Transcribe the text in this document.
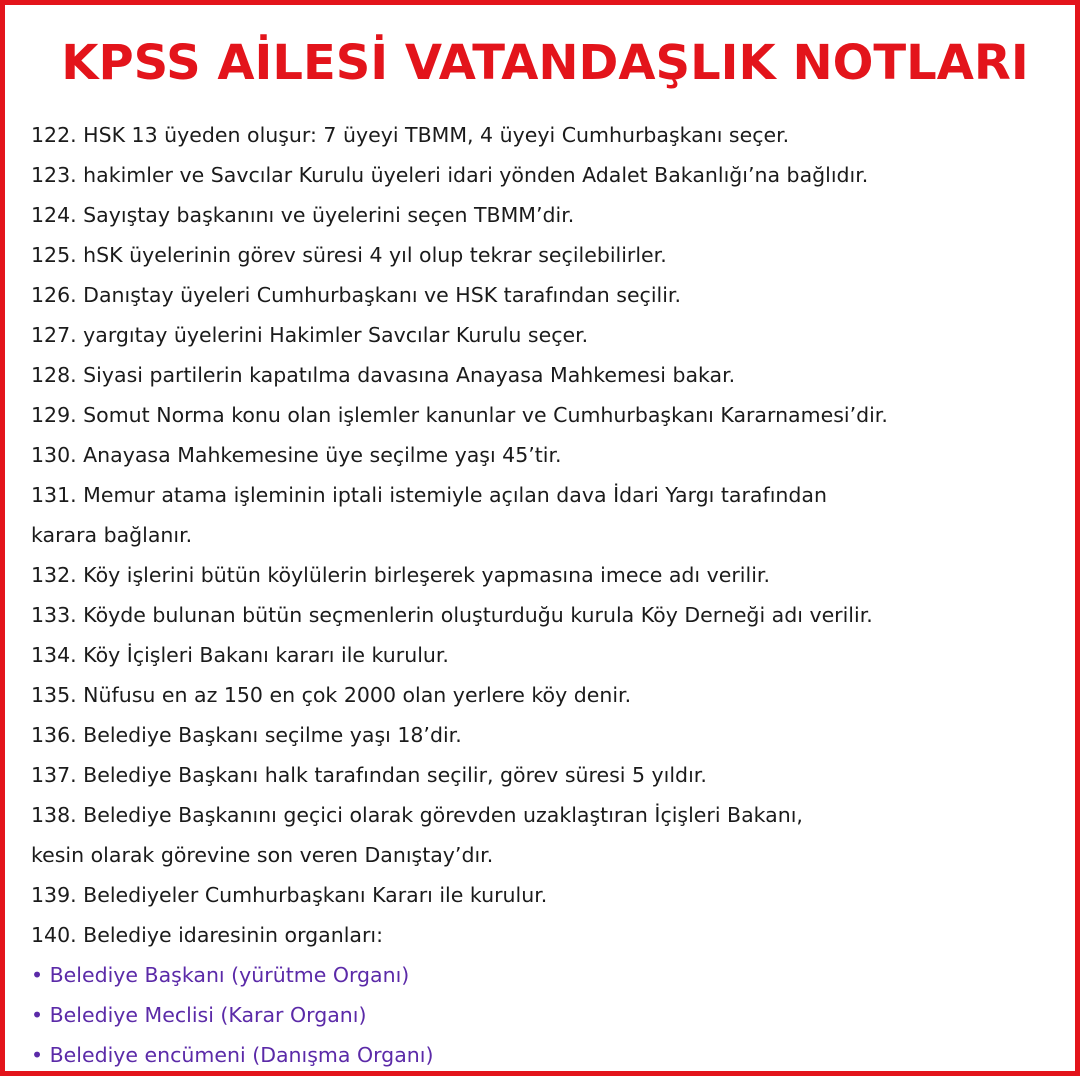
KPSS AİLESİ VATANDAŞLIK NOTLARI
122. HSK 13 üyeden oluşur: 7 üyeyi TBMM, 4 üyeyi Cumhurbaşkanı seçer.
123. hakimler ve Savcılar Kurulu üyeleri idari yönden Adalet Bakanlığı’na bağlıdır.
124. Sayıştay başkanını ve üyelerini seçen TBMM’dir.
125. hSK üyelerinin görev süresi 4 yıl olup tekrar seçilebilirler.
126. Danıştay üyeleri Cumhurbaşkanı ve HSK tarafından seçilir.
127. yargıtay üyelerini Hakimler Savcılar Kurulu seçer.
128. Siyasi partilerin kapatılma davasına Anayasa Mahkemesi bakar.
129. Somut Norma konu olan işlemler kanunlar ve Cumhurbaşkanı Kararnamesi’dir.
130. Anayasa Mahkemesine üye seçilme yaşı 45’tir.
131. Memur atama işleminin iptali istemiyle açılan dava İdari Yargı tarafından
karara bağlanır.
132. Köy işlerini bütün köylülerin birleşerek yapmasına imece adı verilir.
133. Köyde bulunan bütün seçmenlerin oluşturduğu kurula Köy Derneği adı verilir.
134. Köy İçişleri Bakanı kararı ile kurulur.
135. Nüfusu en az 150 en çok 2000 olan yerlere köy denir.
136. Belediye Başkanı seçilme yaşı 18’dir.
137. Belediye Başkanı halk tarafından seçilir, görev süresi 5 yıldır.
138. Belediye Başkanını geçici olarak görevden uzaklaştıran İçişleri Bakanı,
kesin olarak görevine son veren Danıştay’dır.
139. Belediyeler Cumhurbaşkanı Kararı ile kurulur.
140. Belediye idaresinin organları:
• Belediye Başkanı (yürütme Organı)
• Belediye Meclisi (Karar Organı)
• Belediye encümeni (Danışma Organı)
